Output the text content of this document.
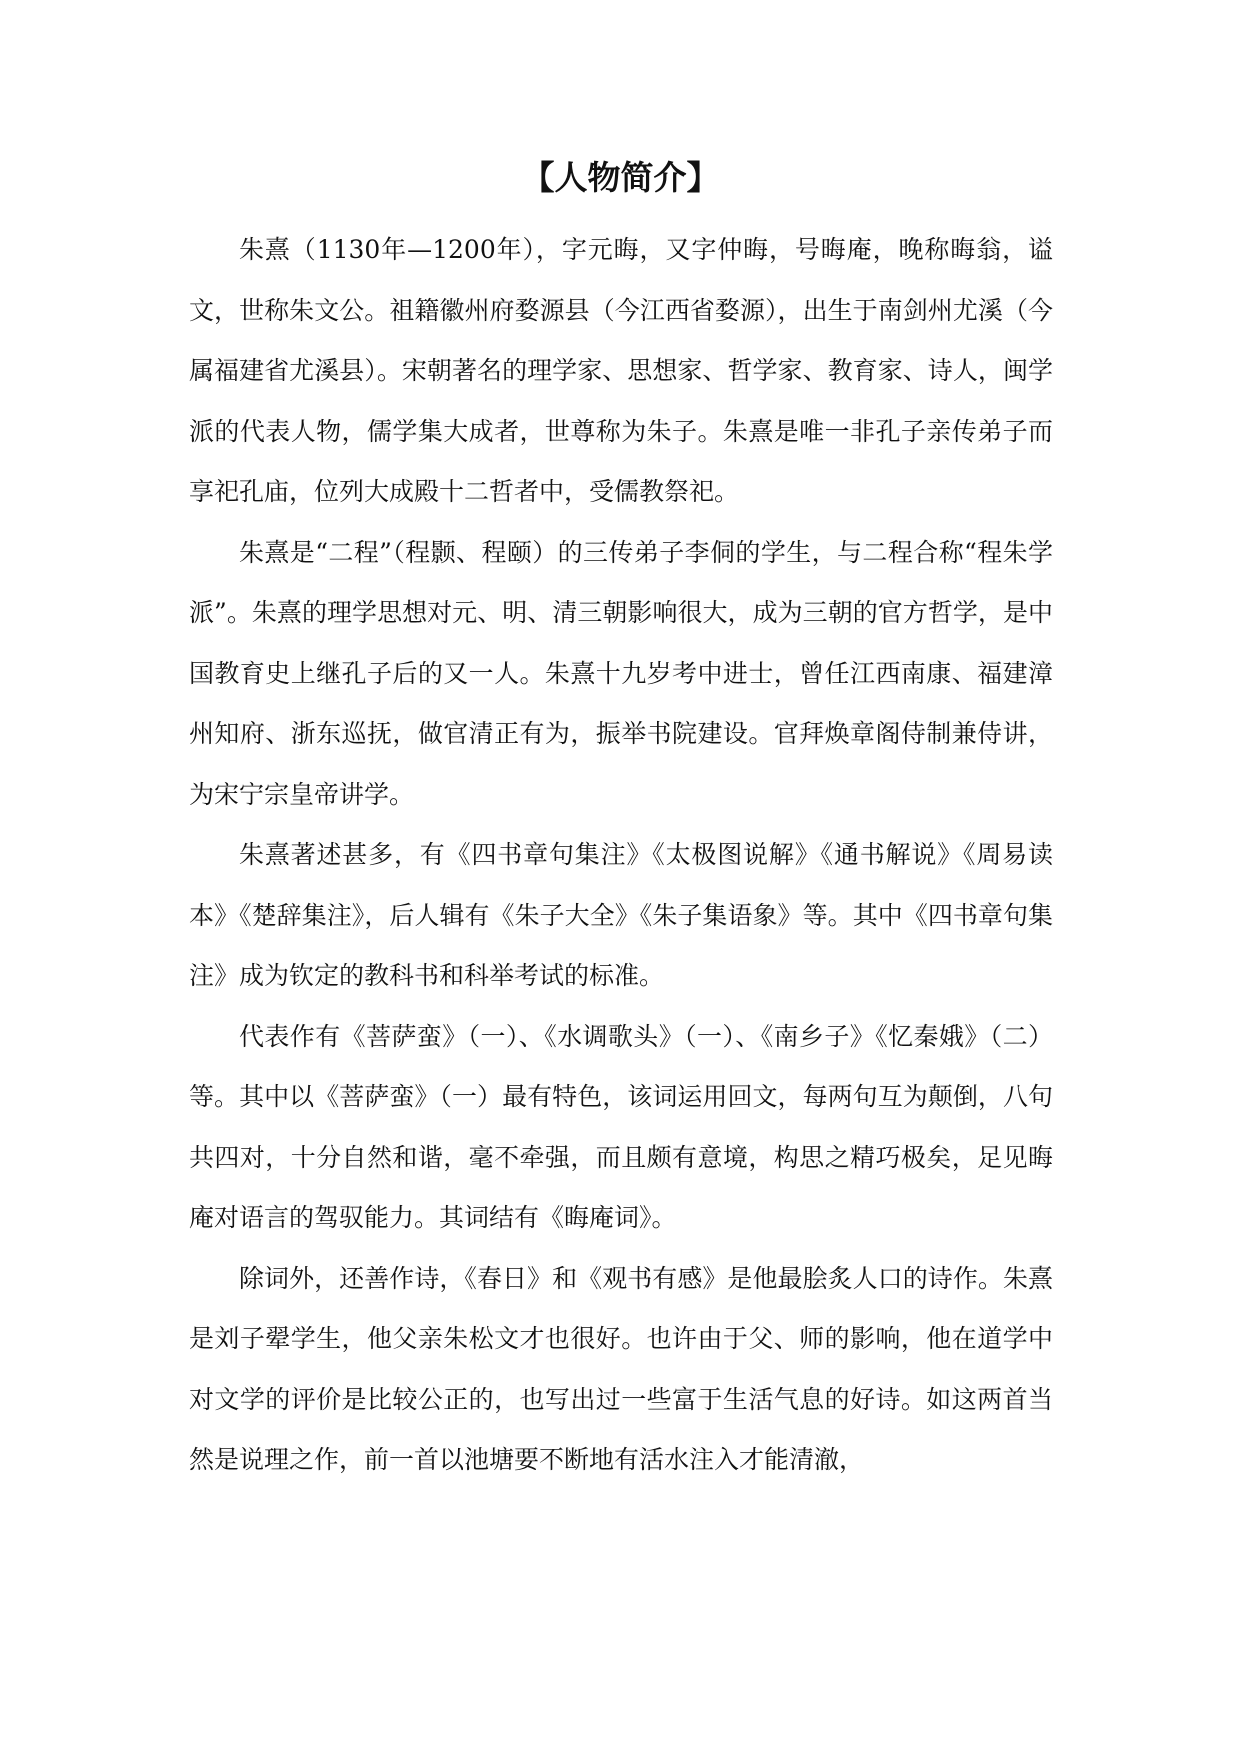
【人物简介】

朱熹（1130年—1200年），字元晦，又字仲晦，号晦庵，晚称晦翁，谥文，世称朱文公。祖籍徽州府婺源县（今江西省婺源），出生于南剑州尤溪（今属福建省尤溪县）。宋朝著名的理学家、思想家、哲学家、教育家、诗人，闽学派的代表人物，儒学集大成者，世尊称为朱子。朱熹是唯一非孔子亲传弟子而享祀孔庙，位列大成殿十二哲者中，受儒教祭祀。

朱熹是“二程”（程颢、程颐）的三传弟子李侗的学生，与二程合称“程朱学派”。朱熹的理学思想对元、明、清三朝影响很大，成为三朝的官方哲学，是中国教育史上继孔子后的又一人。朱熹十九岁考中进士，曾任江西南康、福建漳州知府、浙东巡抚，做官清正有为，振举书院建设。官拜焕章阁侍制兼侍讲，为宋宁宗皇帝讲学。

朱熹著述甚多，有《四书章句集注》《太极图说解》《通书解说》《周易读本》《楚辞集注》，后人辑有《朱子大全》《朱子集语象》等。其中《四书章句集注》成为钦定的教科书和科举考试的标准。

代表作有《菩萨蛮》（一）、《水调歌头》（一）、《南乡子》《忆秦娥》（二）等。其中以《菩萨蛮》（一）最有特色，该词运用回文，每两句互为颠倒，八句共四对，十分自然和谐，毫不牵强，而且颇有意境，构思之精巧极矣，足见晦庵对语言的驾驭能力。其词结有《晦庵词》。

除词外，还善作诗，《春日》和《观书有感》是他最脍炙人口的诗作。朱熹是刘子翚学生，他父亲朱松文才也很好。也许由于父、师的影响，他在道学中对文学的评价是比较公正的，也写出过一些富于生活气息的好诗。如这两首当然是说理之作，前一首以池塘要不断地有活水注入才能清澈，
